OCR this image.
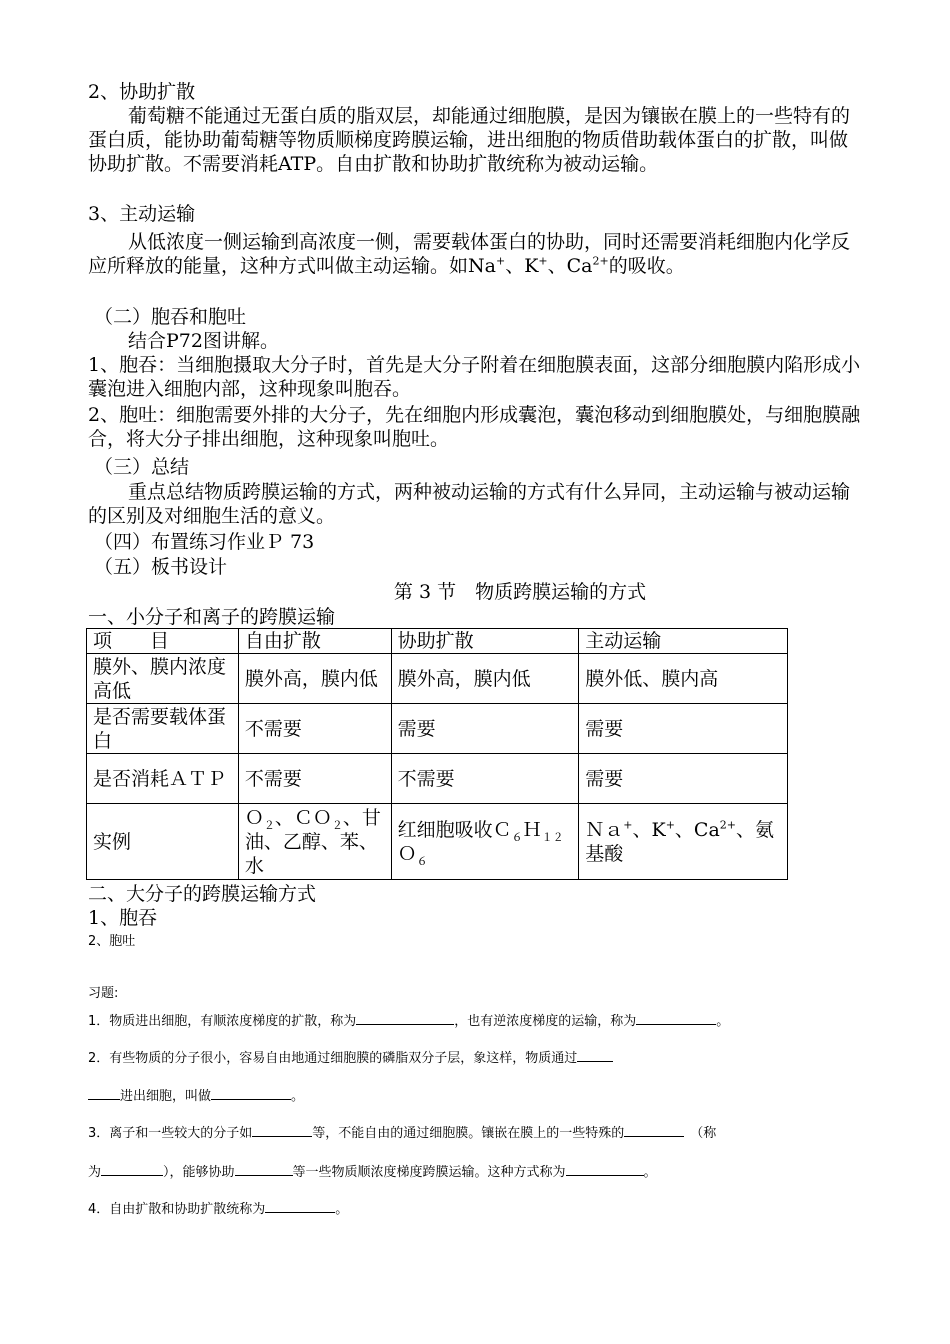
2、协助扩散
葡萄糖不能通过无蛋白质的脂双层，却能通过细胞膜，是因为镶嵌在膜上的一些特有的蛋白质，能协助葡萄糖等物质顺梯度跨膜运输，进出细胞的物质借助载体蛋白的扩散，叫做协助扩散。不需要消耗ATP。自由扩散和协助扩散统称为被动运输。
3、主动运输
从低浓度一侧运输到高浓度一侧，需要载体蛋白的协助，同时还需要消耗细胞内化学反应所释放的能量，这种方式叫做主动运输。如Na+、K+、$Ca^{2+}$的吸收。
（二）胞吞和胞吐
结合P72图讲解。
1、胞吞：当细胞摄取大分子时，首先是大分子附着在细胞膜表面，这部分细胞膜内陷形成小囊泡进入细胞内部，这种现象叫胞吞。
2、胞吐：细胞需要外排的大分子，先在细胞内形成囊泡，囊泡移动到细胞膜处，与细胞膜融合，将大分子排出细胞，这种现象叫胞吐。
（三）总结
重点总结物质跨膜运输的方式，两种被动运输的方式有什么异同，主动运输与被动运输的区别及对细胞生活的意义。
（四）布置练习作业Ｐ 73
（五）板书设计
第 3 节　物质跨膜运输的方式
一、小分子和离子的跨膜运输
项　　目	自由扩散	协助扩散	主动运输
膜外、膜内浓度高低	膜外高，膜内低	膜外高，膜内低	膜外低、膜内高
是否需要载体蛋白	不需要	需要	需要
是否消耗ＡＴＰ	不需要	不需要	需要
实例	Ｏ$_2$、ＣＯ$_2$、甘油、乙醇、苯、水	红细胞吸收Ｃ$_6$Ｈ$_{12}$Ｏ$_6$	Ｎａ+、K+、$Ca^{2+}$、氨基酸
二、大分子的跨膜运输方式
1、胞吞
2、胞吐
习题:
1．物质进出细胞，有顺浓度梯度的扩散，称为	，也有逆浓度梯度的运输，称为	。
2．有些物质的分子很小，容易自由地通过细胞膜的磷脂双分子层，象这样，物质通过
进出细胞，叫做	。
3．离子和一些较大的分子如	等，不能自由的通过细胞膜。镶嵌在膜上的一些特殊的	（称
为	），能够协助	等一些物质顺浓度梯度跨膜运输。这种方式称为	。
4．自由扩散和协助扩散统称为	。
